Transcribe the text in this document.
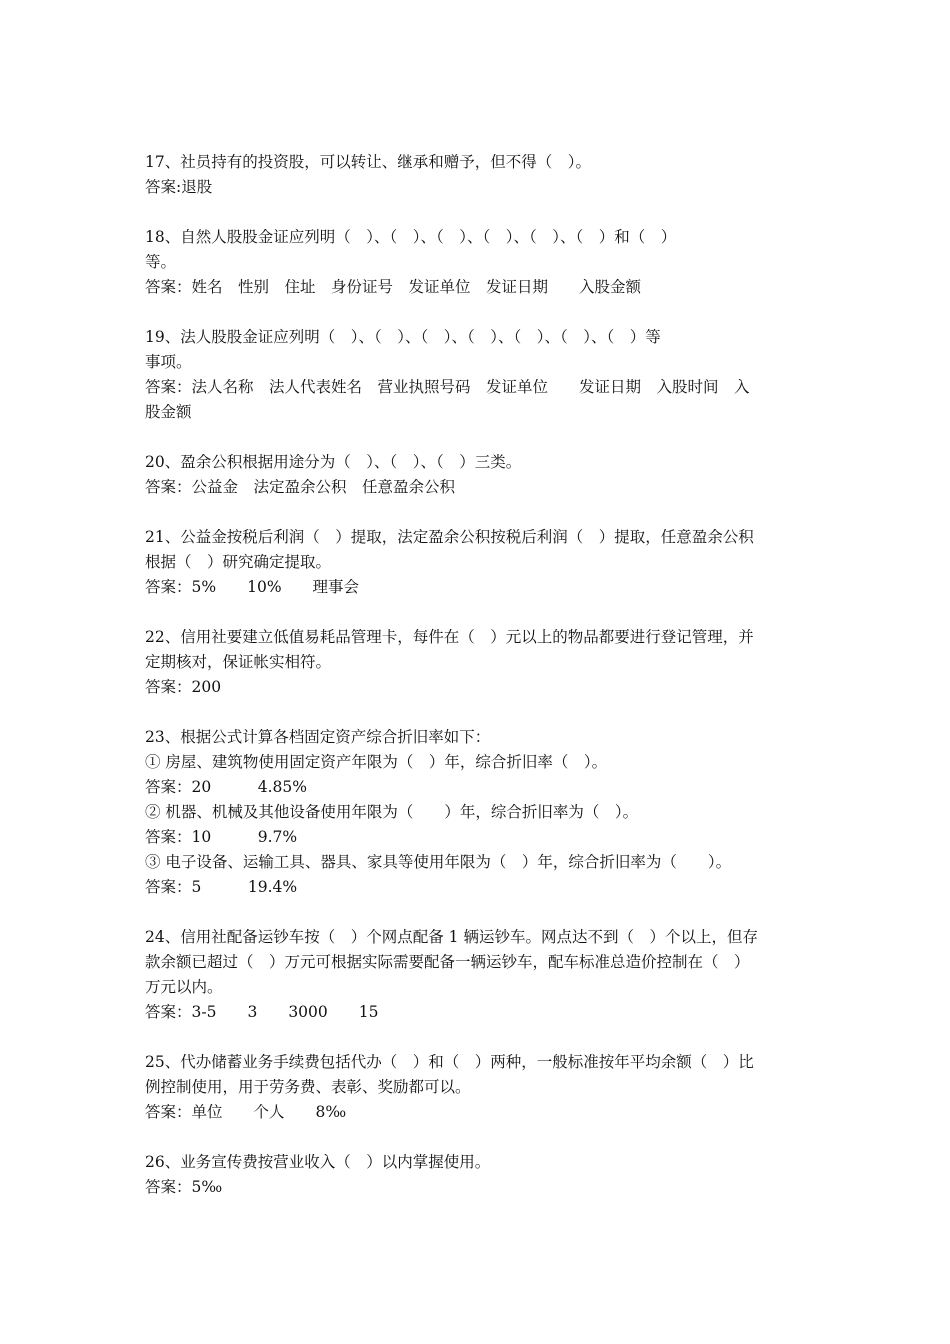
17、社员持有的投资股，可以转让、继承和赠予，但不得（　）。
答案:退股
18、自然人股股金证应列明（　）、（　）、（　）、（　）、（　）、（　）和（　）
等。
答案：姓名　性别　住址　身份证号　发证单位　发证日期　　入股金额
19、法人股股金证应列明（　）、（　）、（　）、（　）、（　）、（　）、（　）等
事项。
答案：法人名称　法人代表姓名　营业执照号码　发证单位　　发证日期　入股时间　入
股金额
20、盈余公积根据用途分为（　）、（　）、（　）三类。
答案：公益金　法定盈余公积　任意盈余公积
21、公益金按税后利润（　）提取，法定盈余公积按税后利润（　）提取，任意盈余公积
根据（　）研究确定提取。
答案：5%　　10%　　理事会
22、信用社要建立低值易耗品管理卡，每件在（　）元以上的物品都要进行登记管理，并
定期核对，保证帐实相符。
答案：200
23、根据公式计算各档固定资产综合折旧率如下：
① 房屋、建筑物使用固定资产年限为（　）年，综合折旧率（　）。
答案：20　　　4.85%
② 机器、机械及其他设备使用年限为（　　）年，综合折旧率为（　）。
答案：10　　　9.7%
③ 电子设备、运输工具、器具、家具等使用年限为（　）年，综合折旧率为（　　）。
答案：5　　　19.4%
24、信用社配备运钞车按（　）个网点配备 1 辆运钞车。网点达不到（　）个以上，但存
款余额已超过（　）万元可根据实际需要配备一辆运钞车，配车标准总造价控制在（　）
万元以内。
答案：3-5　　3　　3000　　15
25、代办储蓄业务手续费包括代办（　）和（　）两种，一般标准按年平均余额（　）比
例控制使用，用于劳务费、表彰、奖励都可以。
答案：单位　　个人　　8‰
26、业务宣传费按营业收入（　）以内掌握使用。
答案：5‰
